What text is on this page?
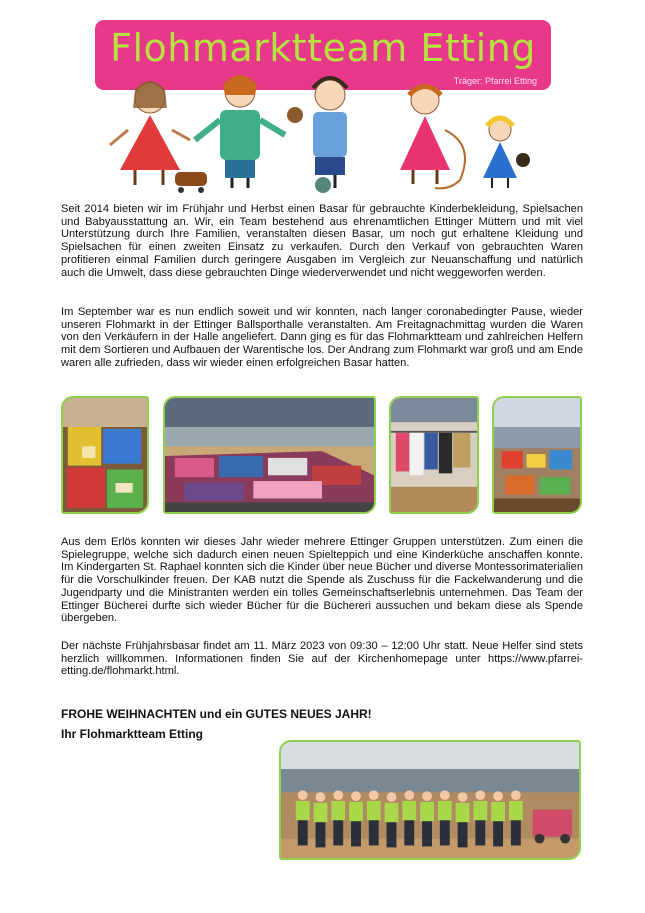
Flohmarktteam Etting
Träger: Pfarrei Etting

Seit 2014 bieten wir im Frühjahr und Herbst einen Basar für gebrauchte Kinderbekleidung, Spielsachen und Babyausstattung an. Wir, ein Team bestehend aus ehrenamtlichen Ettinger Müttern und mit viel Unterstützung durch Ihre Familien, veranstalten diesen Basar, um noch gut erhaltene Kleidung und Spielsachen für einen zweiten Einsatz zu verkaufen. Durch den Verkauf von gebrauchten Waren profitieren einmal Familien durch geringere Ausgaben im Vergleich zur Neuanschaffung und natürlich auch die Umwelt, dass diese gebrauchten Dinge wiederverwendet und nicht weggeworfen werden.

Im September war es nun endlich soweit und wir konnten, nach langer coronabedingter Pause, wieder unseren Flohmarkt in der Ettinger Ballsporthalle veranstalten. Am Freitagnachmittag wurden die Waren von den Verkäufern in der Halle angeliefert. Dann ging es für das Flohmarktteam und zahlreichen Helfern mit dem Sortieren und Aufbauen der Warentische los. Der Andrang zum Flohmarkt war groß und am Ende waren alle zufrieden, dass wir wieder einen erfolgreichen Basar hatten.

Aus dem Erlös konnten wir dieses Jahr wieder mehrere Ettinger Gruppen unterstützen. Zum einen die Spielegruppe, welche sich dadurch einen neuen Spielteppich und eine Kinderküche anschaffen konnte. Im Kindergarten St. Raphael konnten sich die Kinder über neue Bücher und diverse Montessorimaterialien für die Vorschulkinder freuen. Der KAB nutzt die Spende als Zuschuss für die Fackelwanderung und die Jugendparty und die Ministranten werden ein tolles Gemeinschaftserlebnis unternehmen. Das Team der Ettinger Bücherei durfte sich wieder Bücher für die Büchereri aussuchen und bekam diese als Spende übergeben.

Der nächste Frühjahrsbasar findet am 11. März 2023 von 09:30 – 12:00 Uhr statt. Neue Helfer sind stets herzlich willkommen. Informationen finden Sie auf der Kirchenhomepage unter https://www.pfarrei-etting.de/flohmarkt.html.

FROHE WEIHNACHTEN und ein GUTES NEUES JAHR!
Ihr Flohmarktteam Etting
